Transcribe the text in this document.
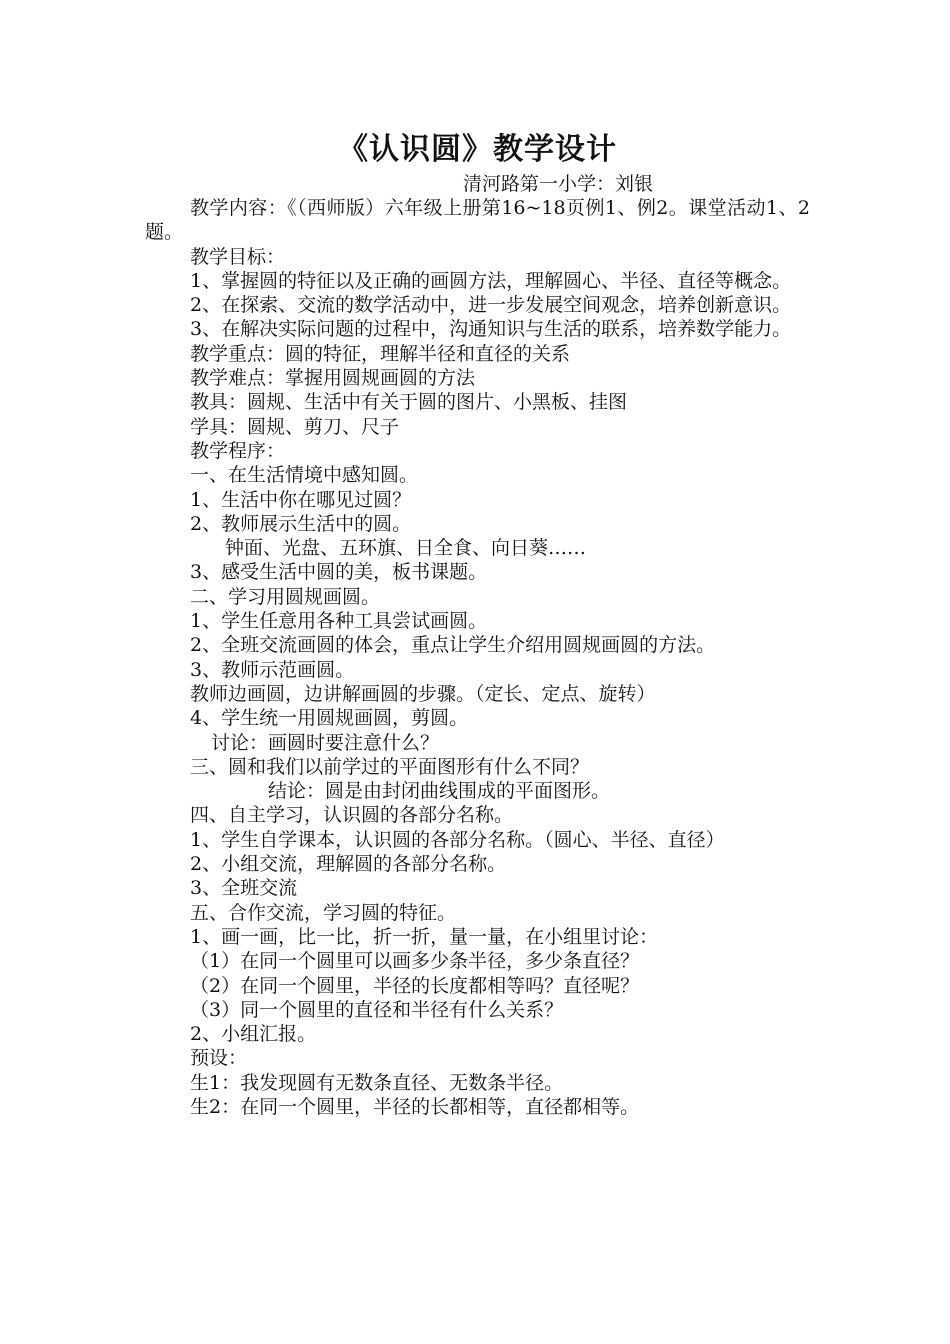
《认识圆》教学设计
清河路第一小学：刘银
教学内容：《（西师版）六年级上册第16~18页例1、例2。课堂活动1、2题。
教学目标：
1、掌握圆的特征以及正确的画圆方法，理解圆心、半径、直径等概念。
2、在探索、交流的数学活动中，进一步发展空间观念，培养创新意识。
3、在解决实际问题的过程中，沟通知识与生活的联系，培养数学能力。
教学重点：圆的特征，理解半径和直径的关系
教学难点：掌握用圆规画圆的方法
教具：圆规、生活中有关于圆的图片、小黑板、挂图
学具：圆规、剪刀、尺子
教学程序：
一、在生活情境中感知圆。
1、生活中你在哪见过圆？
2、教师展示生活中的圆。
钟面、光盘、五环旗、日全食、向日葵……
3、感受生活中圆的美，板书课题。
二、学习用圆规画圆。
1、学生任意用各种工具尝试画圆。
2、全班交流画圆的体会，重点让学生介绍用圆规画圆的方法。
3、教师示范画圆。
教师边画圆，边讲解画圆的步骤。（定长、定点、旋转）
4、学生统一用圆规画圆，剪圆。
讨论：画圆时要注意什么？
三、圆和我们以前学过的平面图形有什么不同？
结论：圆是由封闭曲线围成的平面图形。
四、自主学习，认识圆的各部分名称。
1、学生自学课本，认识圆的各部分名称。（圆心、半径、直径）
2、小组交流，理解圆的各部分名称。
3、全班交流
五、合作交流，学习圆的特征。
1、画一画，比一比，折一折，量一量，在小组里讨论：
（1）在同一个圆里可以画多少条半径，多少条直径？
（2）在同一个圆里，半径的长度都相等吗？直径呢？
（3）同一个圆里的直径和半径有什么关系？
2、小组汇报。
预设：
生1：我发现圆有无数条直径、无数条半径。
生2：在同一个圆里，半径的长都相等，直径都相等。
